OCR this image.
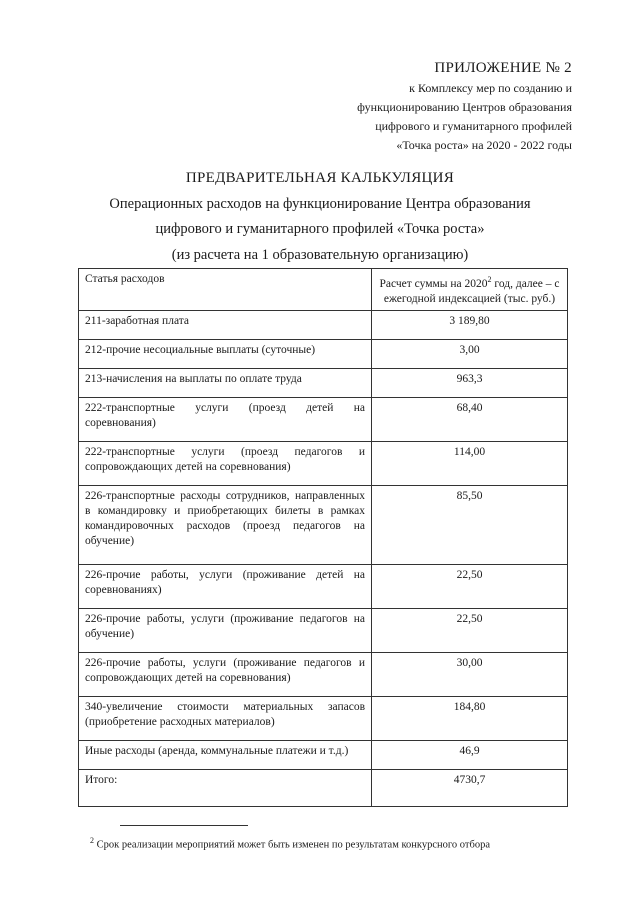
ПРИЛОЖЕНИЕ № 2
к Комплексу мер по созданию и
функционированию Центров образования
цифрового и гуманитарного профилей
«Точка роста» на 2020 - 2022 годы
ПРЕДВАРИТЕЛЬНАЯ КАЛЬКУЛЯЦИЯ
Операционных расходов на функционирование Центра образования
цифрового и гуманитарного профилей «Точка роста»
(из расчета на 1 образовательную организацию)
Статья расходов	Расчет суммы на 2020$^2$ год, далее – с ежегодной индексацией (тыс. руб.)
211-заработная плата	3 189,80
212-прочие несоциальные выплаты (суточные)	3,00
213-начисления на выплаты по оплате труда	963,3
222-транспортные услуги (проезд детей на соревнования)	68,40
222-транспортные услуги (проезд педагогов и сопровождающих детей на соревнования)	114,00
226-транспортные расходы сотрудников, направленных в командировку и приобретающих билеты в рамках командировочных расходов (проезд педагогов на обучение)	85,50
226-прочие работы, услуги (проживание детей на соревнованиях)	22,50
226-прочие работы, услуги (проживание педагогов на обучение)	22,50
226-прочие работы, услуги (проживание педагогов и сопровождающих детей на соревнования)	30,00
340-увеличение стоимости материальных запасов (приобретение расходных материалов)	184,80
Иные расходы (аренда, коммунальные платежи и т.д.)	46,9
Итого:	4730,7
$^2$ Срок реализации мероприятий может быть изменен по результатам конкурсного отбора
